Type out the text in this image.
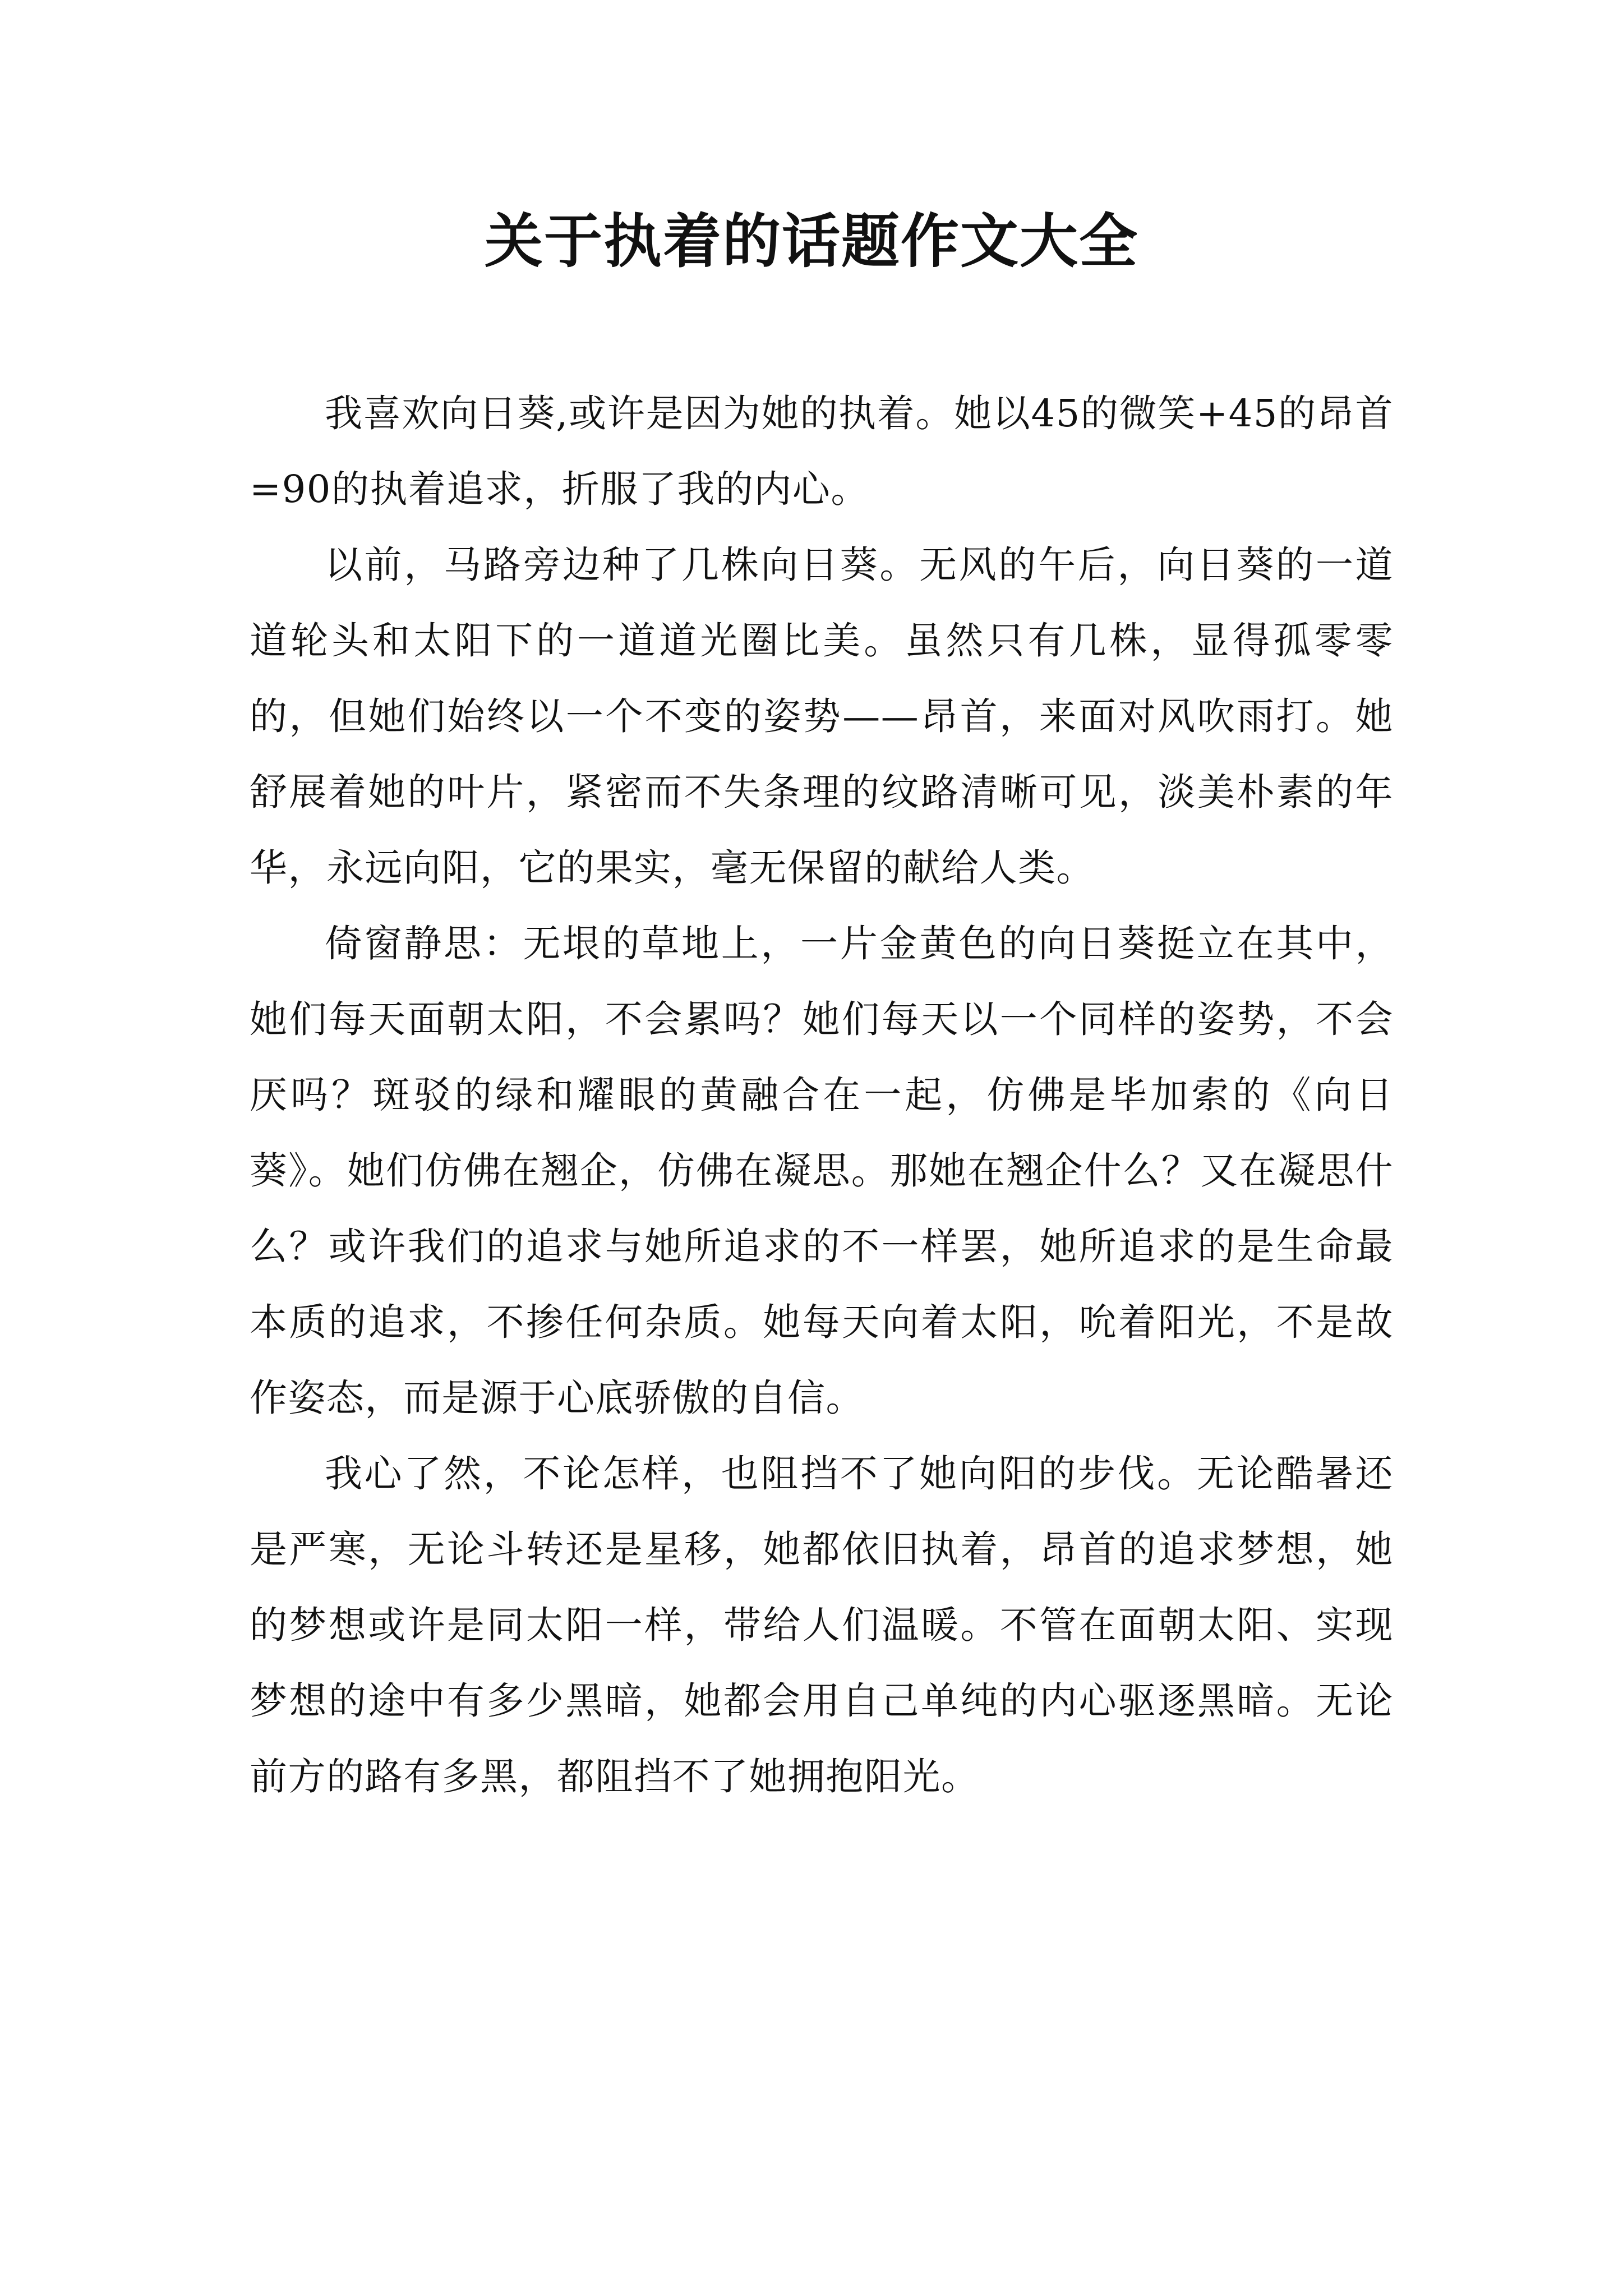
关于执着的话题作文大全

我喜欢向日葵,或许是因为她的执着。她以45的微笑+45的昂首=90的执着追求，折服了我的内心。

以前，马路旁边种了几株向日葵。无风的午后，向日葵的一道道轮头和太阳下的一道道光圈比美。虽然只有几株，显得孤零零的，但她们始终以一个不变的姿势——昂首，来面对风吹雨打。她舒展着她的叶片，紧密而不失条理的纹路清晰可见，淡美朴素的年华，永远向阳，它的果实，毫无保留的献给人类。

倚窗静思：无垠的草地上，一片金黄色的向日葵挺立在其中，她们每天面朝太阳，不会累吗？她们每天以一个同样的姿势，不会厌吗？斑驳的绿和耀眼的黄融合在一起，仿佛是毕加索的《向日葵》。她们仿佛在翘企，仿佛在凝思。那她在翘企什么？又在凝思什么？或许我们的追求与她所追求的不一样罢，她所追求的是生命最本质的追求，不掺任何杂质。她每天向着太阳，吮着阳光，不是故作姿态，而是源于心底骄傲的自信。

我心了然，不论怎样，也阻挡不了她向阳的步伐。无论酷暑还是严寒，无论斗转还是星移，她都依旧执着，昂首的追求梦想，她的梦想或许是同太阳一样，带给人们温暖。不管在面朝太阳、实现梦想的途中有多少黑暗，她都会用自己单纯的内心驱逐黑暗。无论前方的路有多黑，都阻挡不了她拥抱阳光。
